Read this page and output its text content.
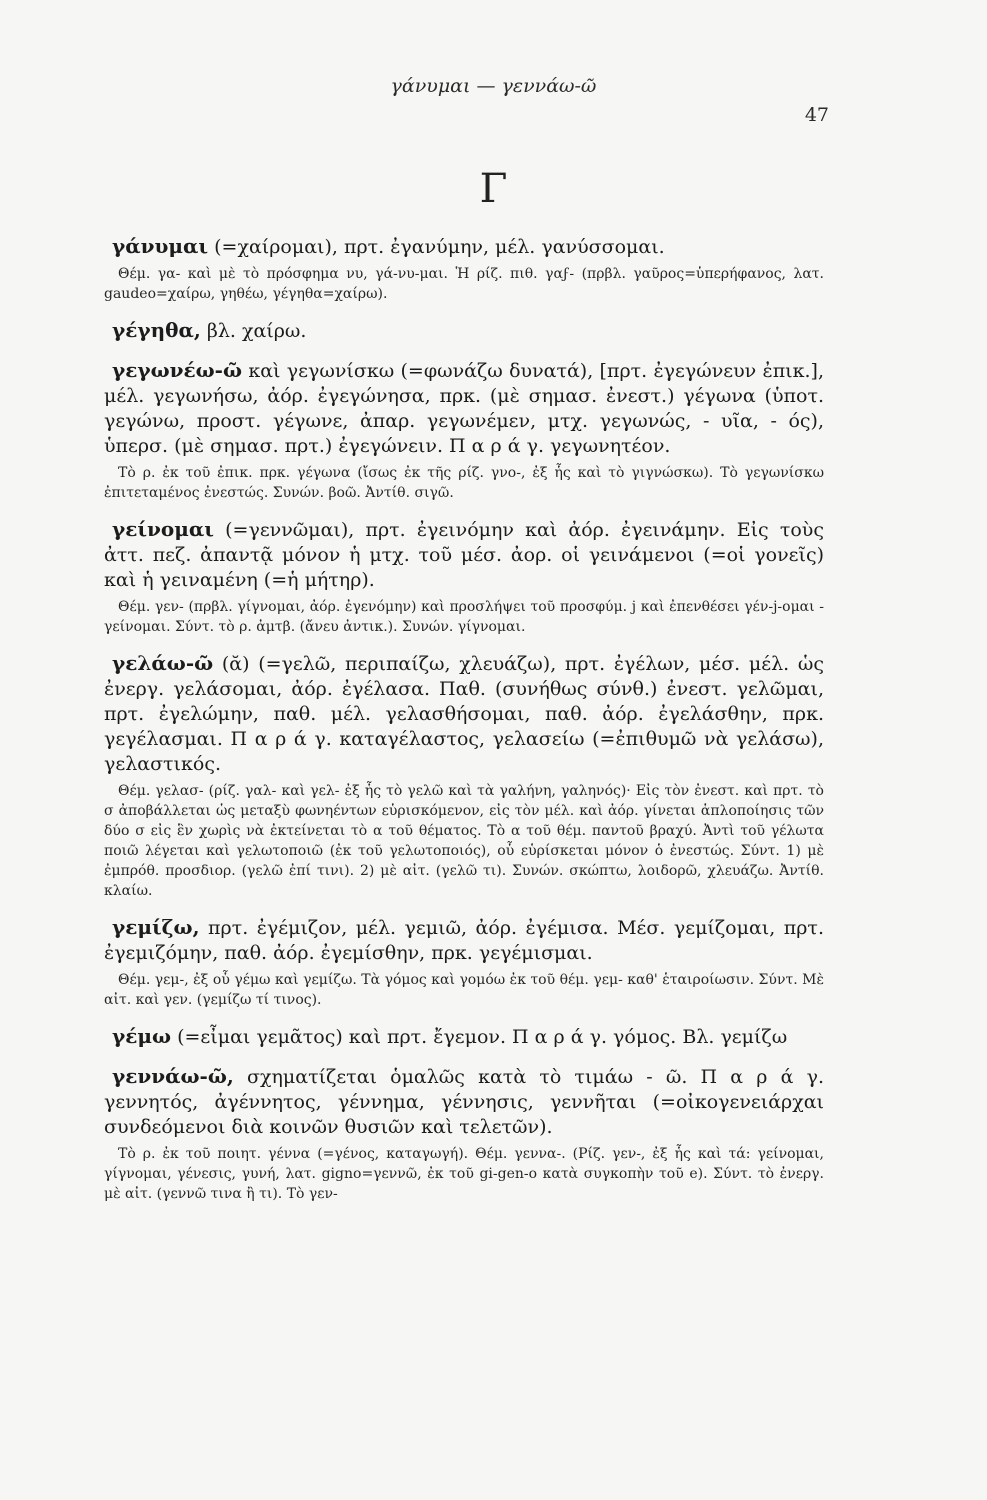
γάνυμαι — γεννάω-ῶ
47
Γ

γάνυμαι (=χαίρομαι), πρτ. ἐγανύμην, μέλ. γανύσσομαι.

Θέμ. γα- καὶ μὲ τὸ πρόσφημα νυ, γά-νυ-μαι. Ἡ ρίζ. πιθ. γαϝ- (πρβλ. γαῦρος=ὑπερήφανος, λατ. gaudeo=χαίρω, γηθέω, γέγηθα=χαίρω).

γέγηθα, βλ. χαίρω.

γεγωνέω-ῶ καὶ γεγωνίσκω (=φωνάζω δυνατά), [πρτ. ἐγεγώνευν ἐπικ.], μέλ. γεγωνήσω, ἀόρ. ἐγεγώνησα, πρκ. (μὲ σημασ. ἐνεστ.) γέγωνα (ὑποτ. γεγώνω, προστ. γέγωνε, ἀπαρ. γεγωνέμεν, μτχ. γεγωνώς, - υῖα, - ός), ὑπερσ. (μὲ σημασ. πρτ.) ἐγεγώνειν. Π α ρ ά γ. γεγωνητέον.

Τὸ ρ. ἐκ τοῦ ἐπικ. πρκ. γέγωνα (ἴσως ἐκ τῆς ρίζ. γνο-, ἐξ ἧς καὶ τὸ γιγνώσκω). Τὸ γεγωνίσκω ἐπιτεταμένος ἐνεστώς. Συνών. βοῶ. Ἀντίθ. σιγῶ.

γείνομαι (=γεννῶμαι), πρτ. ἐγεινόμην καὶ ἀόρ. ἐγεινάμην. Εἰς τοὺς ἀττ. πεζ. ἀπαντᾷ μόνον ἡ μτχ. τοῦ μέσ. ἀορ. οἱ γεινάμενοι (=οἱ γονεῖς) καὶ ἡ γειναμένη (=ἡ μήτηρ).

Θέμ. γεν- (πρβλ. γίγνομαι, ἀόρ. ἐγενόμην) καὶ προσλήψει τοῦ προσφύμ. j καὶ ἐπενθέσει γέν-j-ομαι - γείνομαι. Σύντ. τὸ ρ. ἀμτβ. (ἄνευ ἀντικ.). Συνών. γίγνομαι.

γελάω-ῶ (ᾰ) (=γελῶ, περιπαίζω, χλευάζω), πρτ. ἐγέλων, μέσ. μέλ. ὡς ἐνεργ. γελάσομαι, ἀόρ. ἐγέλασα. Παθ. (συνήθως σύνθ.) ἐνεστ. γελῶμαι, πρτ. ἐγελώμην, παθ. μέλ. γελασθήσομαι, παθ. ἀόρ. ἐγελάσθην, πρκ. γεγέλασμαι. Π α ρ ά γ. καταγέλαστος, γελασείω (=ἐπιθυμῶ νὰ γελάσω), γελαστικός.

Θέμ. γελασ- (ρίζ. γαλ- καὶ γελ- ἐξ ἧς τὸ γελῶ καὶ τὰ γαλήνη, γαληνός)· Εἰς τὸν ἐνεστ. καὶ πρτ. τὸ σ ἀποβάλλεται ὡς μεταξὺ φωνηέντων εὑρισκόμενον, εἰς τὸν μέλ. καὶ ἀόρ. γίνεται ἁπλοποίησις τῶν δύο σ εἰς ἓν χωρὶς νὰ ἐκτείνεται τὸ α τοῦ θέματος. Τὸ α τοῦ θέμ. παντοῦ βραχύ. Ἀντὶ τοῦ γέλωτα ποιῶ λέγεται καὶ γελωτοποιῶ (ἐκ τοῦ γελωτοποιός), οὗ εὑρίσκεται μόνον ὁ ἐνεστώς. Σύντ. 1) μὲ ἐμπρόθ. προσδιορ. (γελῶ ἐπί τινι). 2) μὲ αἰτ. (γελῶ τι). Συνών. σκώπτω, λοιδορῶ, χλευάζω. Ἀντίθ. κλαίω.

γεμίζω, πρτ. ἐγέμιζον, μέλ. γεμιῶ, ἀόρ. ἐγέμισα. Μέσ. γεμίζομαι, πρτ. ἐγεμιζόμην, παθ. ἀόρ. ἐγεμίσθην, πρκ. γεγέμισμαι.

Θέμ. γεμ-, ἐξ οὗ γέμω καὶ γεμίζω. Τὰ γόμος καὶ γομόω ἐκ τοῦ θέμ. γεμ- καθ' ἑταιροίωσιν. Σύντ. Μὲ αἰτ. καὶ γεν. (γεμίζω τί τινος).

γέμω (=εἶμαι γεμᾶτος) καὶ πρτ. ἔγεμον. Π α ρ ά γ. γόμος. Βλ. γεμίζω

γεννάω-ῶ, σχηματίζεται ὁμαλῶς κατὰ τὸ τιμάω - ῶ. Π α ρ ά γ. γεννητός, ἀγέννητος, γέννημα, γέννησις, γεννῆται (=οἰκογενειάρχαι συνδεόμενοι διὰ κοινῶν θυσιῶν καὶ τελετῶν).

Τὸ ρ. ἐκ τοῦ ποιητ. γέννα (=γένος, καταγωγή). Θέμ. γεννα-. (Ρίζ. γεν-, ἐξ ἧς καὶ τά: γείνομαι, γίγνομαι, γένεσις, γυνή, λατ. gigno=γεννῶ, ἐκ τοῦ gi-gen-o κατὰ συγκοπὴν τοῦ e). Σύντ. τὸ ἐνεργ. μὲ αἰτ. (γεννῶ τινα ἢ τι). Τὸ γεν-
